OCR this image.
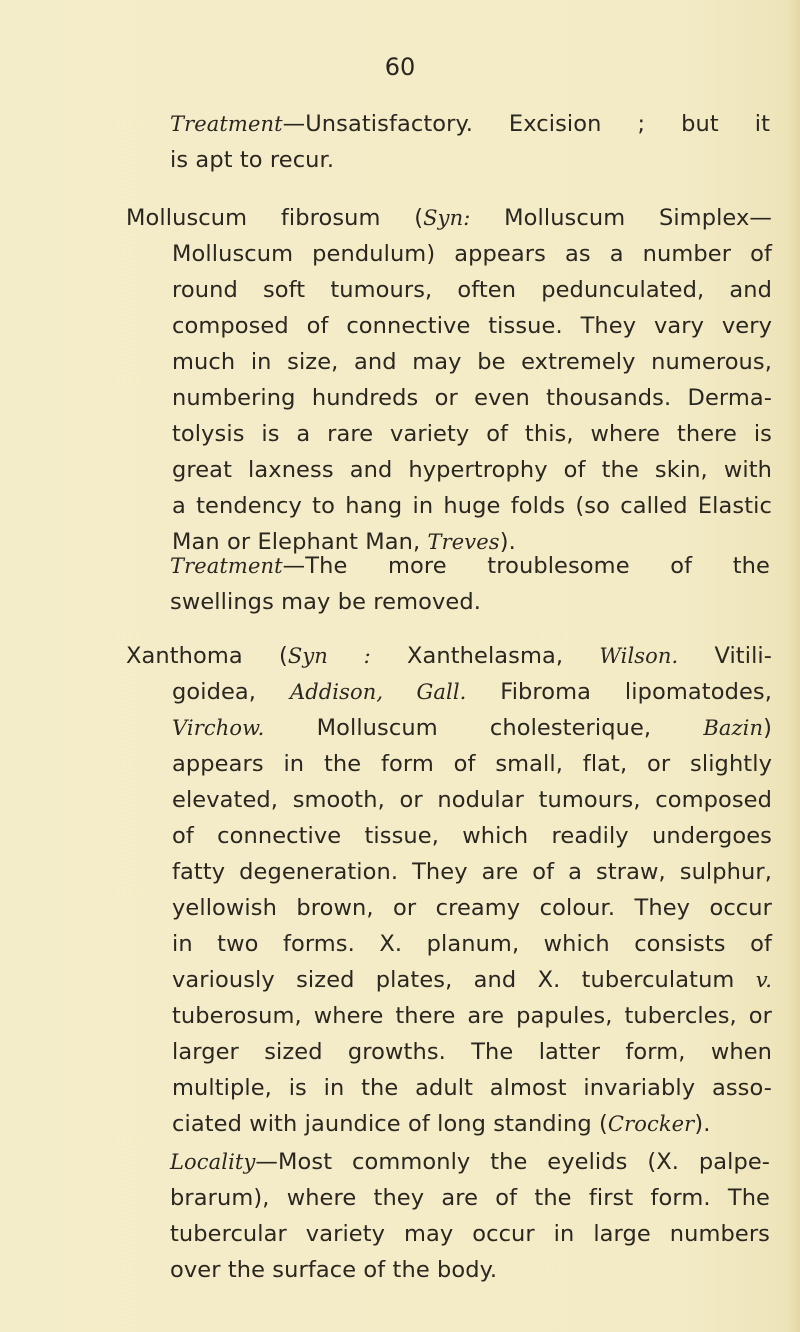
60
Treatment—Unsatisfactory. Excision ; but it
is apt to recur.
Molluscum fibrosum (Syn: Molluscum Simplex—
Molluscum pendulum) appears as a number of
round soft tumours, often pedunculated, and
composed of connective tissue. They vary very
much in size, and may be extremely numerous,
numbering hundreds or even thousands. Derma-
tolysis is a rare variety of this, where there is
great laxness and hypertrophy of the skin, with
a tendency to hang in huge folds (so called Elastic
Man or Elephant Man, Treves).
Treatment—The more troublesome of the
swellings may be removed.
Xanthoma (Syn : Xanthelasma, Wilson. Vitili-
goidea, Addison, Gall. Fibroma lipomatodes,
Virchow. Molluscum cholesterique, Bazin)
appears in the form of small, flat, or slightly
elevated, smooth, or nodular tumours, composed
of connective tissue, which readily undergoes
fatty degeneration. They are of a straw, sulphur,
yellowish brown, or creamy colour. They occur
in two forms. X. planum, which consists of
variously sized plates, and X. tuberculatum v.
tuberosum, where there are papules, tubercles, or
larger sized growths. The latter form, when
multiple, is in the adult almost invariably asso-
ciated with jaundice of long standing (Crocker).
Locality—Most commonly the eyelids (X. palpe-
brarum), where they are of the first form. The
tubercular variety may occur in large numbers
over the surface of the body.
